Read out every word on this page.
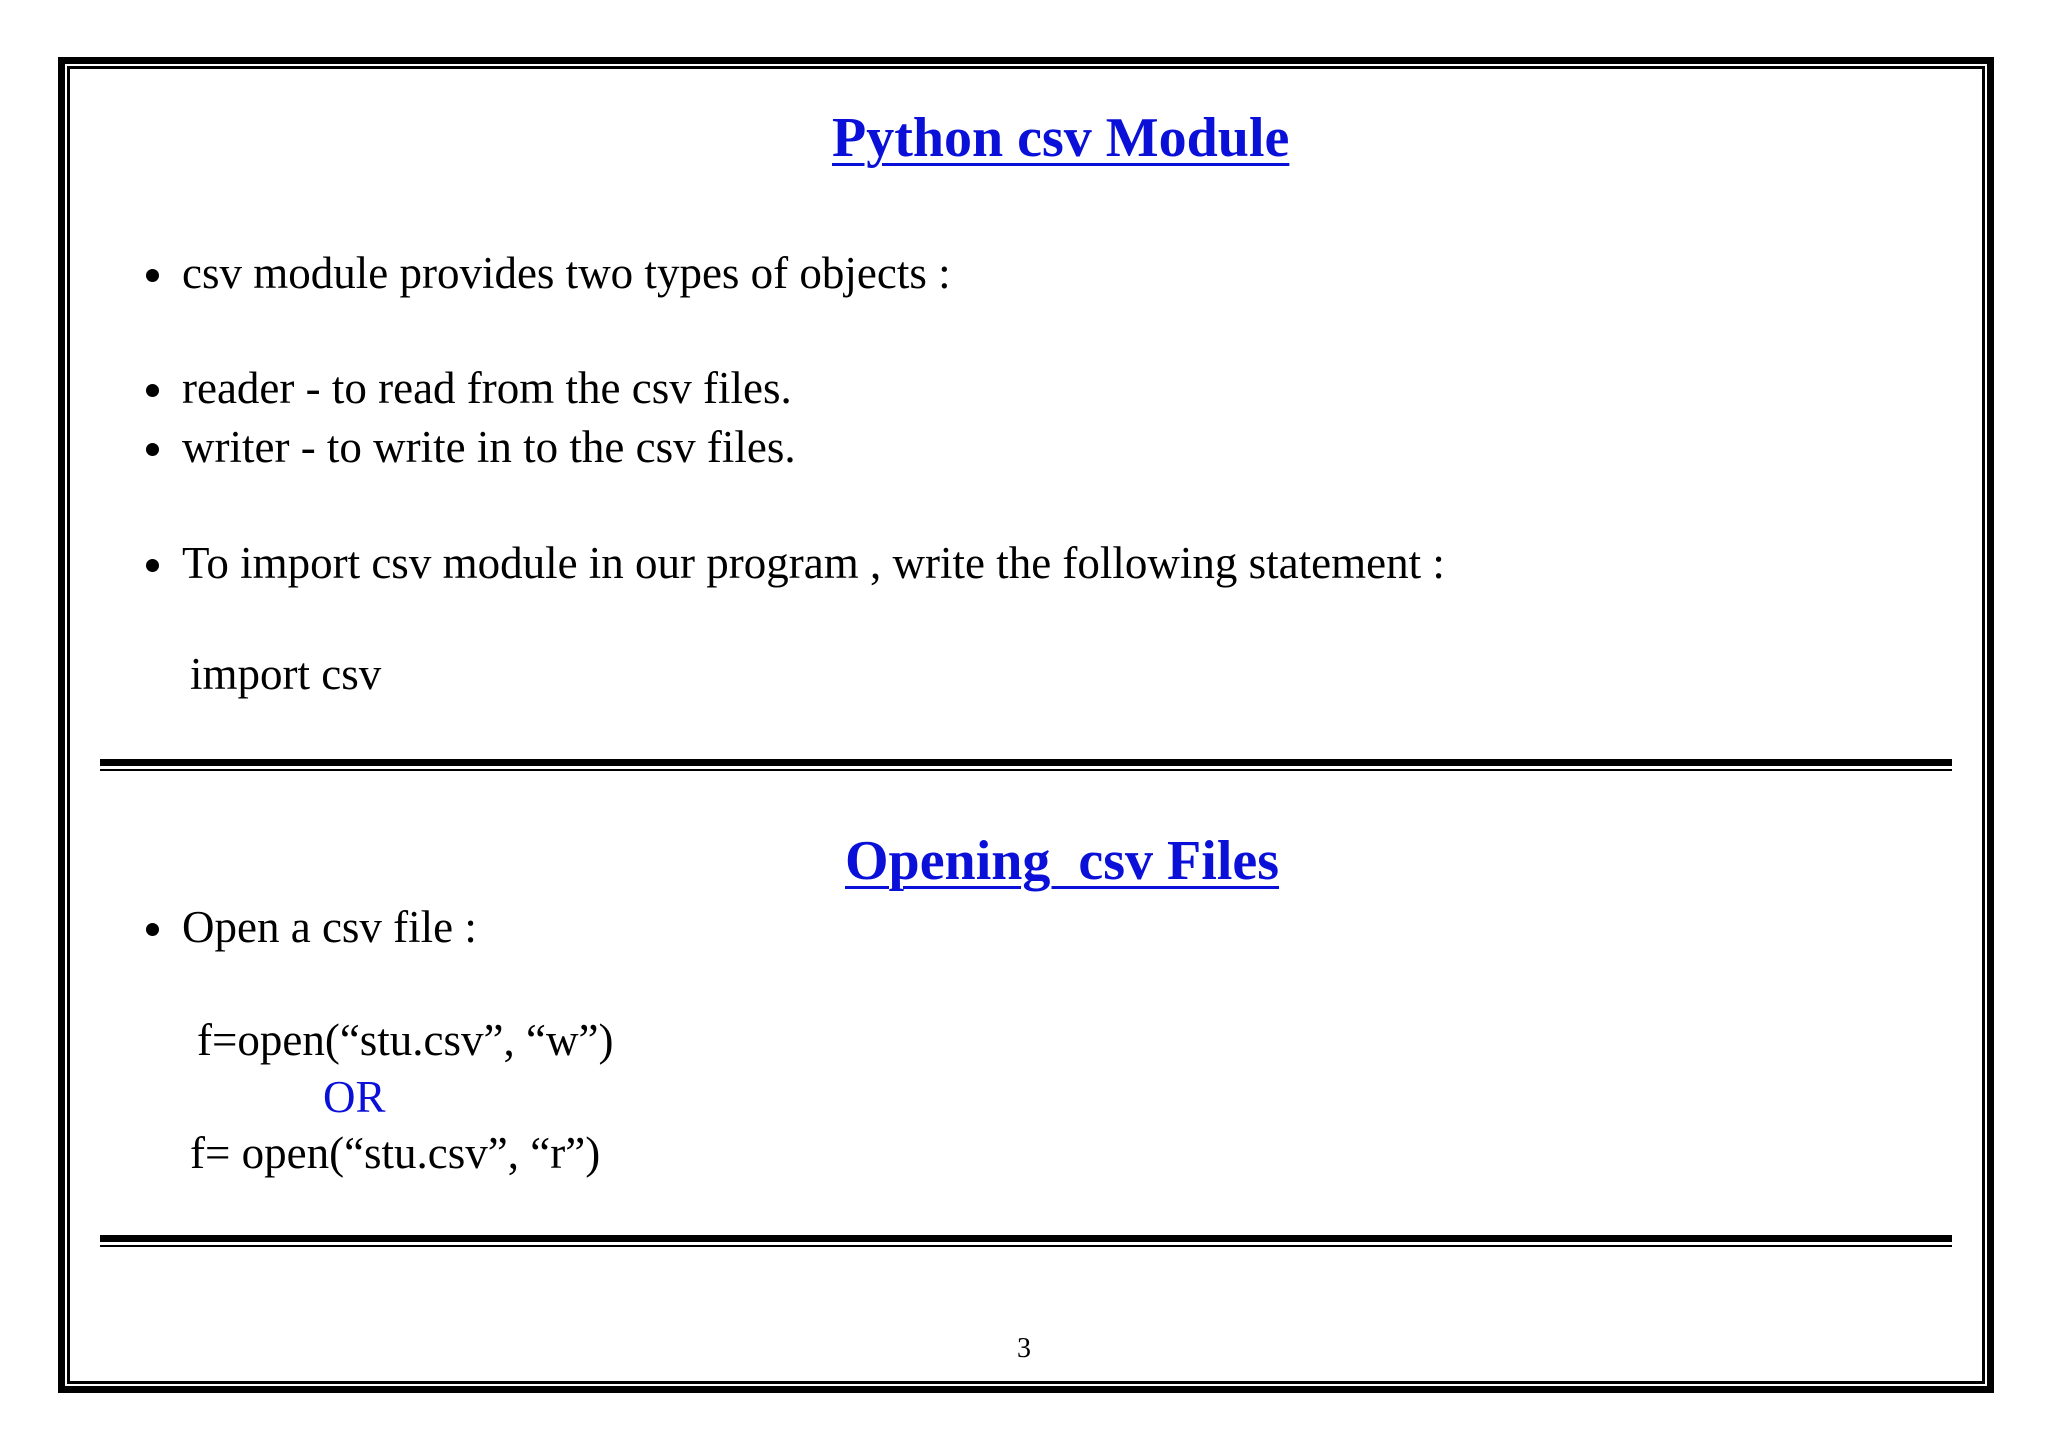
Python csv Module
csv module provides two types of objects :
reader - to read from the csv files.
writer - to write in to the csv files.
To import csv module in our program , write the following statement :
import csv
Opening  csv Files
Open a csv file :
f=open(“stu.csv”, “w”)
OR
f= open(“stu.csv”, “r”)
3
